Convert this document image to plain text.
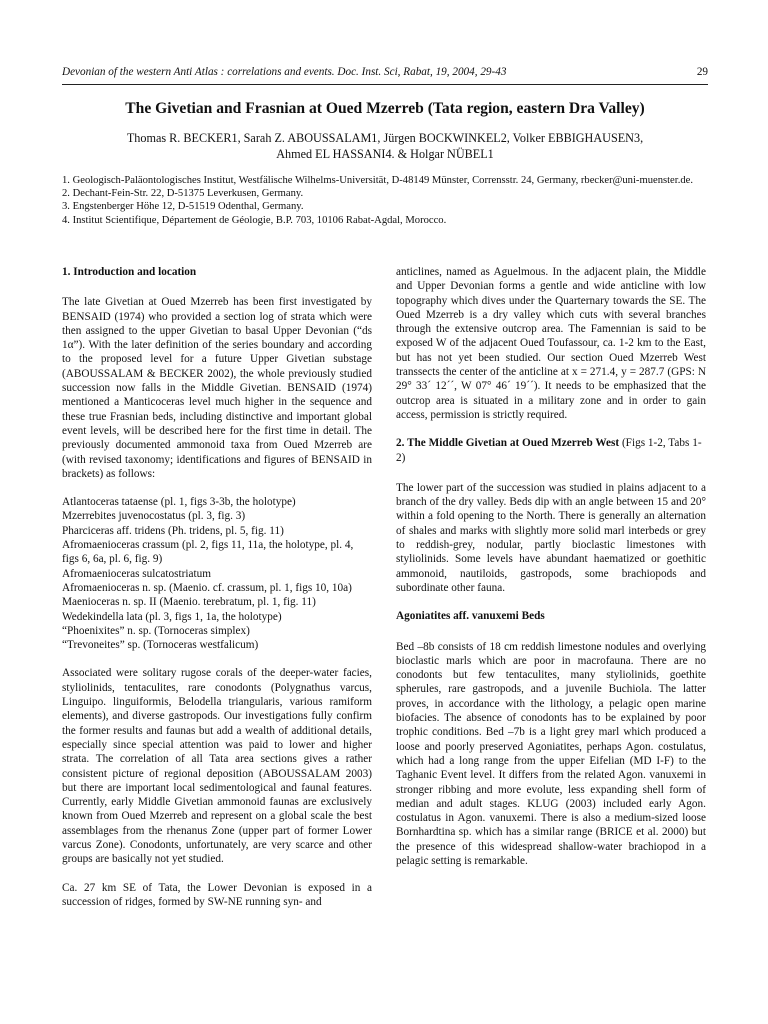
Devonian of the western Anti Atlas : correlations and events. Doc. Inst. Sci, Rabat, 19, 2004, 29-43	29
The Givetian and Frasnian at Oued Mzerreb (Tata region, eastern Dra Valley)
Thomas R. BECKER1, Sarah Z. ABOUSSALAM1, Jürgen BOCKWINKEL2, Volker EBBIGHAUSEN3,
Ahmed EL HASSANI4. & Holgar NÜBEL1
1. Geologisch-Paläontologisches Institut, Westfälische Wilhelms-Universität, D-48149 Münster, Corrensstr. 24, Germany, rbecker@uni-muenster.de.
2. Dechant-Fein-Str. 22, D-51375 Leverkusen, Germany.
3. Engstenberger Höhe 12, D-51519 Odenthal, Germany.
4. Institut Scientifique, Département de Géologie, B.P. 703, 10106 Rabat-Agdal, Morocco.
1. Introduction and location

The late Givetian at Oued Mzerreb has been first investigated by BENSAID (1974) who provided a section log of strata which were then assigned to the upper Givetian to basal Upper Devonian (“ds 1α”). With the later definition of the series boundary and according to the proposed level for a future Upper Givetian substage (ABOUSSALAM & BECKER 2002), the whole previously studied succession now falls in the Middle Givetian. BENSAID (1974) mentioned a Manticoceras level much higher in the sequence and these true Frasnian beds, including distinctive and important global event levels, will be described here for the first time in detail. The previously documented ammonoid taxa from Oued Mzerreb are (with revised taxonomy; identifications and figures of BENSAID in brackets) as follows:

Atlantoceras tataense (pl. 1, figs 3-3b, the holotype)
Mzerrebites juvenocostatus (pl. 3, fig. 3)
Pharciceras aff. tridens (Ph. tridens, pl. 5, fig. 11)
Afromaenioceras crassum (pl. 2, figs 11, 11a, the holotype, pl. 4, figs 6, 6a, pl. 6, fig. 9)
Afromaenioceras sulcatostriatum
Afromaenioceras n. sp. (Maenio. cf. crassum, pl. 1, figs 10, 10a)
Maenioceras n. sp. II (Maenio. terebratum, pl. 1, fig. 11)
Wedekindella lata (pl. 3, figs 1, 1a, the holotype)
“Phoenixites” n. sp. (Tornoceras simplex)
“Trevoneites” sp. (Tornoceras westfalicum)

Associated were solitary rugose corals of the deeper-water facies, styliolinids, tentaculites, rare conodonts (Polygnathus varcus, Linguipo. linguiformis, Belodella triangularis, various ramiform elements), and diverse gastropods. Our investigations fully confirm the former results and faunas but add a wealth of additional details, especially since special attention was paid to lower and higher strata. The correlation of all Tata area sections gives a rather consistent picture of regional deposition (ABOUSSALAM 2003) but there are important local sedimentological and faunal features. Currently, early Middle Givetian ammonoid faunas are exclusively known from Oued Mzerreb and represent on a global scale the best assemblages from the rhenanus Zone (upper part of former Lower varcus Zone). Conodonts, unfortunately, are very scarce and other groups are basically not yet studied.

Ca. 27 km SE of Tata, the Lower Devonian is exposed in a succession of ridges, formed by SW-NE running syn- and

anticlines, named as Aguelmous. In the adjacent plain, the Middle and Upper Devonian forms a gentle and wide anticline with low topography which dives under the Quarternary towards the SE. The Oued Mzerreb is a dry valley which cuts with several branches through the extensive outcrop area. The Famennian is said to be exposed W of the adjacent Oued Toufassour, ca. 1-2 km to the East, but has not yet been studied. Our section Oued Mzerreb West transsects the center of the anticline at x = 271.4, y = 287.7 (GPS: N 29° 33´ 12´´, W 07° 46´ 19´´). It needs to be emphasized that the outcrop area is situated in a military zone and in order to gain access, permission is strictly required.

2. The Middle Givetian at Oued Mzerreb West (Figs 1-2, Tabs 1-2)

The lower part of the succession was studied in plains adjacent to a branch of the dry valley. Beds dip with an angle between 15 and 20° within a fold opening to the North. There is generally an alternation of shales and marks with slightly more solid marl interbeds or grey to reddish-grey, nodular, partly bioclastic limestones with styliolinids. Some levels have abundant haematized or goethitic ammonoid, nautiloids, gastropods, some brachiopods and subordinate other fauna.

Agoniatites aff. vanuxemi Beds

Bed –8b consists of 18 cm reddish limestone nodules and overlying bioclastic marls which are poor in macrofauna. There are no conodonts but few tentaculites, many styliolinids, goethite spherules, rare gastropods, and a juvenile Buchiola. The latter proves, in accordance with the lithology, a pelagic open marine biofacies. The absence of conodonts has to be explained by poor trophic conditions. Bed –7b is a light grey marl which produced a loose and poorly preserved Agoniatites, perhaps Agon. costulatus, which had a long range from the upper Eifelian (MD I-F) to the Taghanic Event level. It differs from the related Agon. vanuxemi in stronger ribbing and more evolute, less expanding shell form of median and adult stages. KLUG (2003) included early Agon. costulatus in Agon. vanuxemi. There is also a medium-sized loose Bornhardtina sp. which has a similar range (BRICE et al. 2000) but the presence of this widespread shallow-water brachiopod in a pelagic setting is remarkable.
